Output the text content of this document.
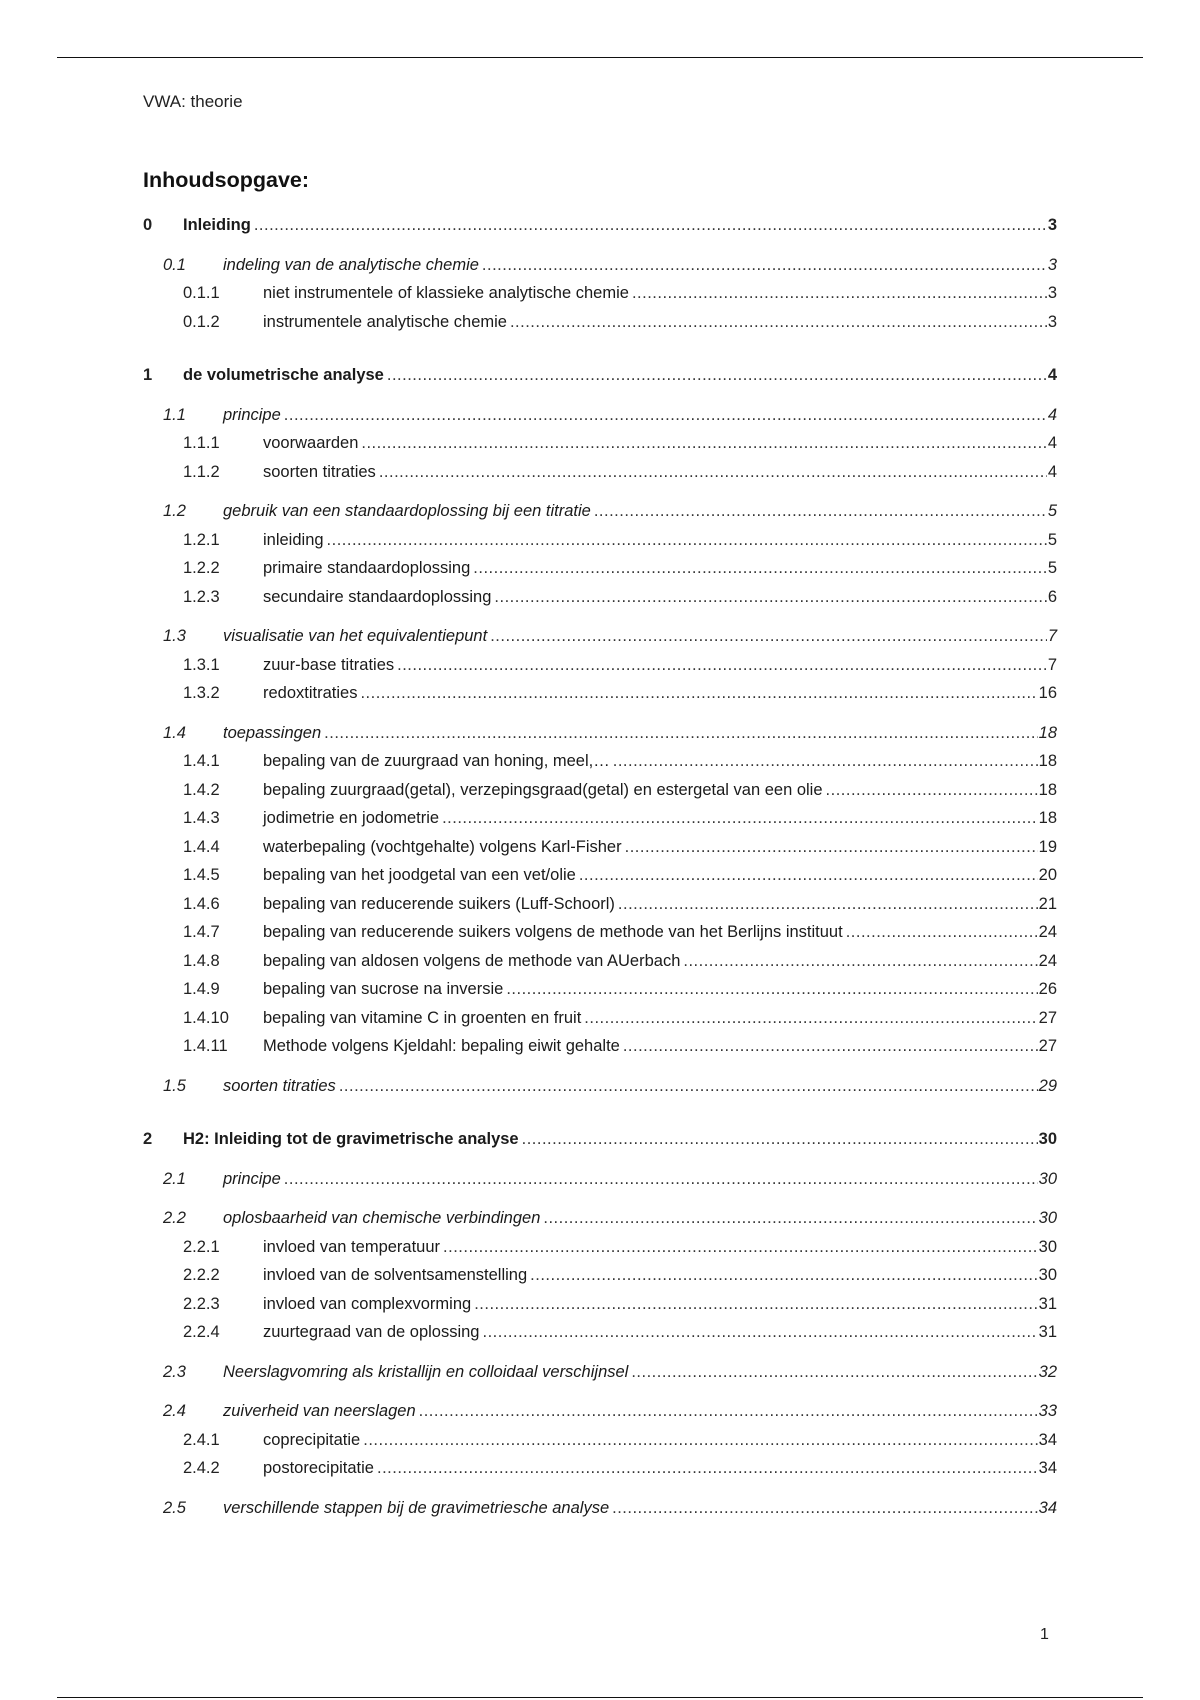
VWA: theorie
Inhoudsopgave:
0	Inleiding .....	3
0.1	indeling van de analytische chemie .....	3
0.1.1	niet instrumentele of klassieke analytische chemie .....	3
0.1.2	instrumentele analytische chemie .....	3
1	de volumetrische analyse .....	4
1.1	principe .....	4
1.1.1	voorwaarden .....	4
1.1.2	soorten titraties .....	4
1.2	gebruik van een standaardoplossing bij een titratie .....	5
1.2.1	inleiding .....	5
1.2.2	primaire standaardoplossing .....	5
1.2.3	secundaire standaardoplossing .....	6
1.3	visualisatie van het equivalentiepunt .....	7
1.3.1	zuur-base titraties .....	7
1.3.2	redoxtitraties .....	16
1.4	toepassingen .....	18
1.4.1	bepaling van de zuurgraad van honing, meel,… .....	18
1.4.2	bepaling zuurgraad(getal), verzepingsgraad(getal) en estergetal van een olie .....	18
1.4.3	jodimetrie en jodometrie .....	18
1.4.4	waterbepaling (vochtgehalte) volgens Karl-Fisher .....	19
1.4.5	bepaling van het joodgetal van een vet/olie .....	20
1.4.6	bepaling van reducerende suikers (Luff-Schoorl) .....	21
1.4.7	bepaling van reducerende suikers volgens de methode van het Berlijns instituut .....	24
1.4.8	bepaling van aldosen volgens de methode van AUerbach .....	24
1.4.9	bepaling van sucrose na inversie .....	26
1.4.10	bepaling van vitamine C in groenten en fruit .....	27
1.4.11	Methode volgens Kjeldahl: bepaling eiwit gehalte .....	27
1.5	soorten titraties .....	29
2	H2: Inleiding tot de gravimetrische analyse .....	30
2.1	principe .....	30
2.2	oplosbaarheid van chemische verbindingen .....	30
2.2.1	invloed van temperatuur .....	30
2.2.2	invloed van de solventsamenstelling .....	30
2.2.3	invloed van complexvorming .....	31
2.2.4	zuurtegraad van de oplossing .....	31
2.3	Neerslagvomring als kristallijn en colloidaal verschijnsel .....	32
2.4	zuiverheid van neerslagen .....	33
2.4.1	coprecipitatie .....	34
2.4.2	postorecipitatie .....	34
2.5	verschillende stappen bij de gravimetriesche analyse .....	34
1
